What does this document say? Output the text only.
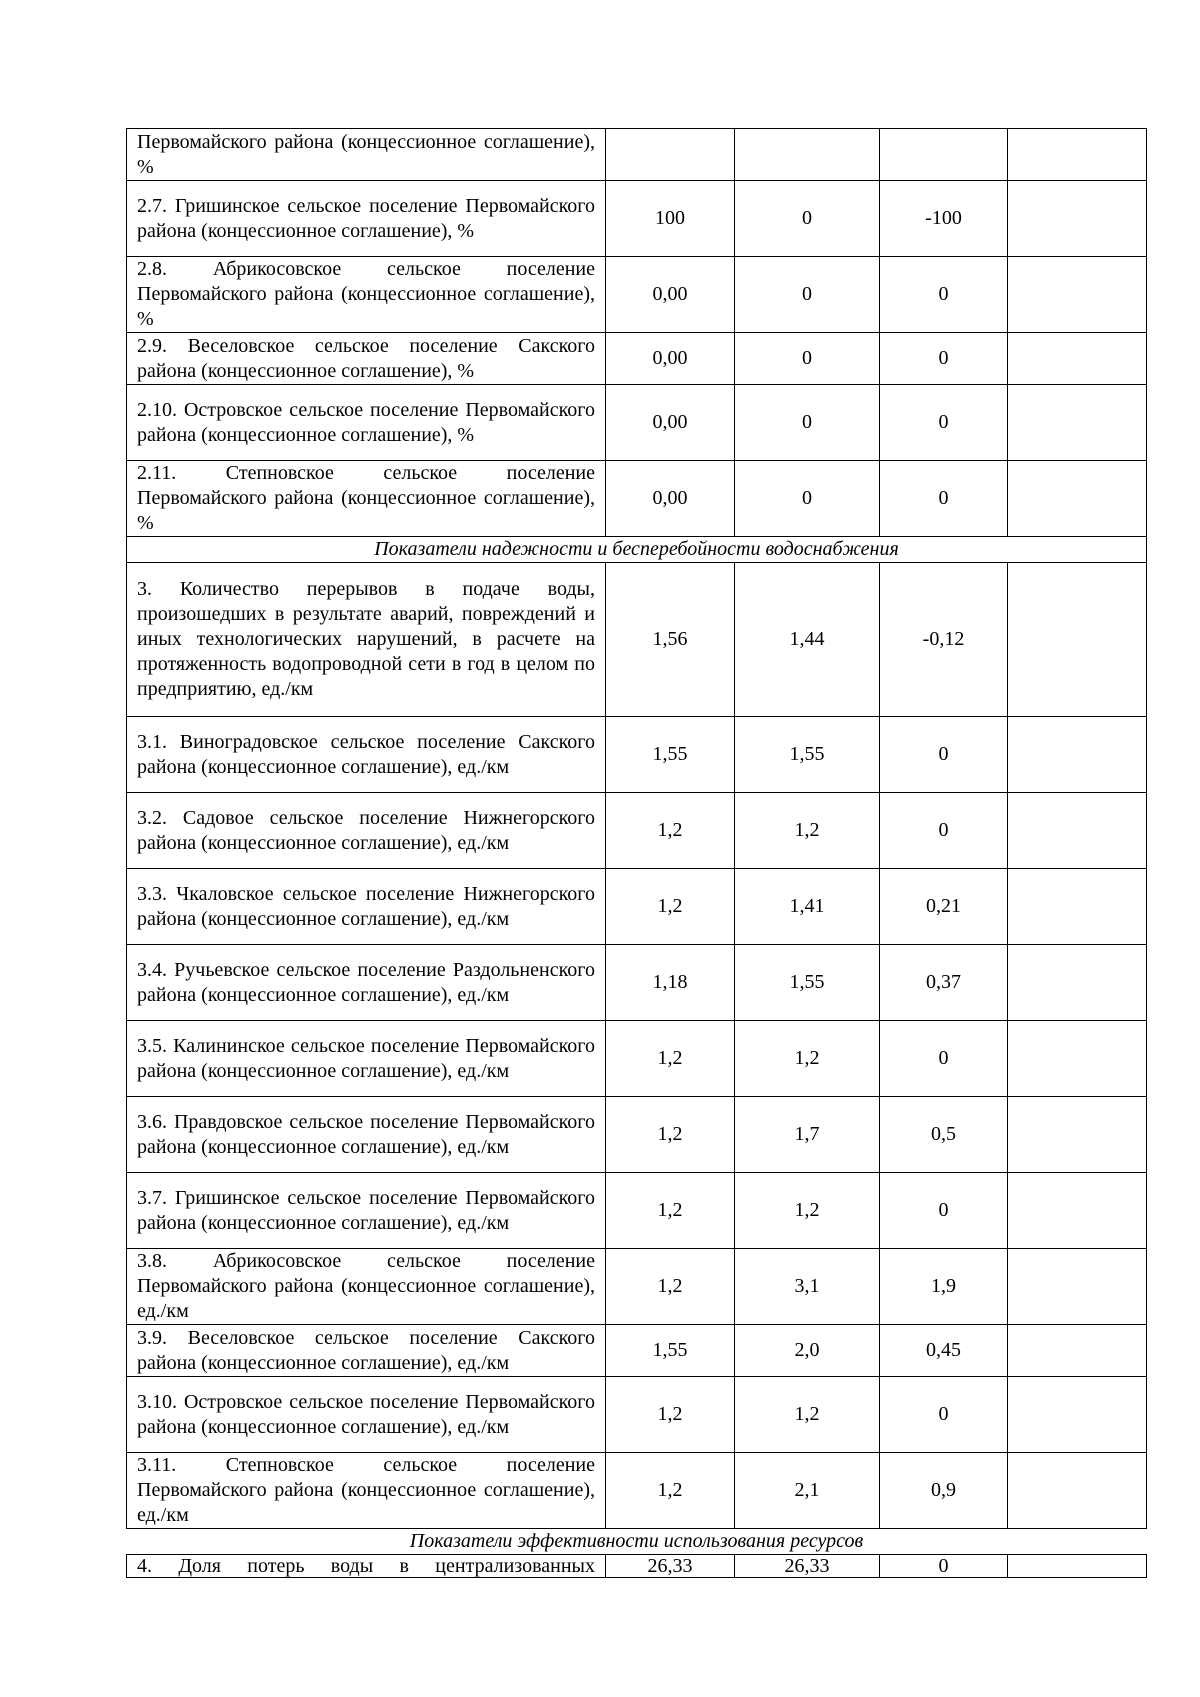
Первомайского района (концессионное соглашение), %				
2.7. Гришинское сельское поселение Первомайского района (концессионное соглашение), %	100	0	-100	
2.8. Абрикосовское сельское поселение Первомайского района (концессионное соглашение), %	0,00	0	0	
2.9. Веселовское сельское поселение Сакского района (концессионное соглашение), %	0,00	0	0	
2.10. Островское сельское поселение Первомайского района (концессионное соглашение), %	0,00	0	0	
2.11. Степновское сельское поселение Первомайского района (концессионное соглашение), %	0,00	0	0	
Показатели надежности и бесперебойности водоснабжения				
3. Количество перерывов в подаче воды, произошедших в результате аварий, повреждений и иных технологических нарушений, в расчете на протяженность водопроводной сети в год в целом по предприятию, ед./км	1,56	1,44	-0,12	
3.1. Виноградовское сельское поселение Сакского района (концессионное соглашение), ед./км	1,55	1,55	0	
3.2. Садовое сельское поселение Нижнегорского района (концессионное соглашение), ед./км	1,2	1,2	0	
3.3. Чкаловское сельское поселение Нижнегорского района (концессионное соглашение), ед./км	1,2	1,41	0,21	
3.4. Ручьевское сельское поселение Раздольненского района (концессионное соглашение), ед./км	1,18	1,55	0,37	
3.5. Калининское сельское поселение Первомайского района (концессионное соглашение), ед./км	1,2	1,2	0	
3.6. Правдовское сельское поселение Первомайского района (концессионное соглашение), ед./км	1,2	1,7	0,5	
3.7. Гришинское сельское поселение Первомайского района (концессионное соглашение), ед./км	1,2	1,2	0	
3.8. Абрикосовское сельское поселение Первомайского района (концессионное соглашение), ед./км	1,2	3,1	1,9	
3.9. Веселовское сельское поселение Сакского района (концессионное соглашение), ед./км	1,55	2,0	0,45	
3.10. Островское сельское поселение Первомайского района (концессионное соглашение), ед./км	1,2	1,2	0	
3.11. Степновское сельское поселение Первомайского района (концессионное соглашение), ед./км	1,2	2,1	0,9	
Показатели эффективности использования ресурсов				
4. Доля потерь воды в централизованных	26,33	26,33	0	
